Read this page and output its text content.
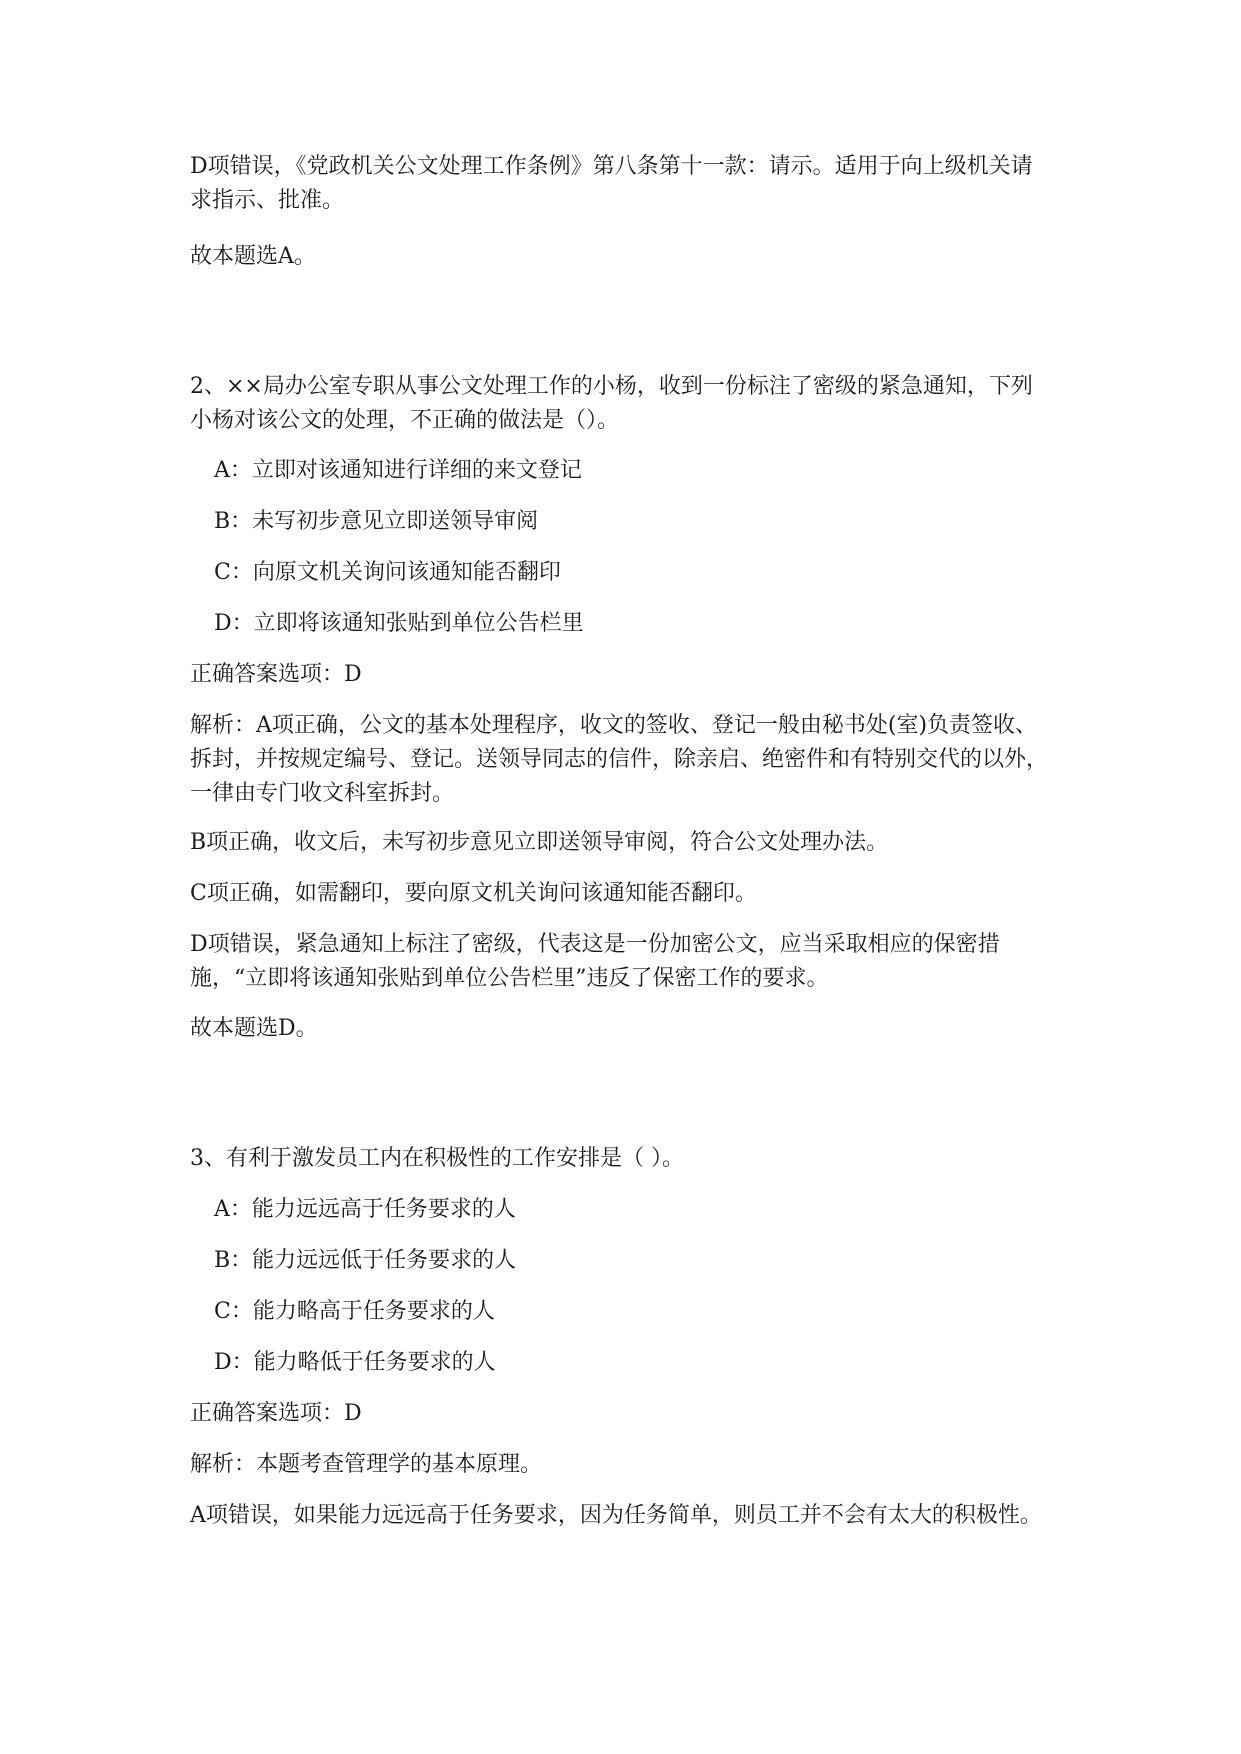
D项错误，《党政机关公文处理工作条例》第八条第十一款：请示。适用于向上级机关请求指示、批准。

故本题选A。

2、××局办公室专职从事公文处理工作的小杨，收到一份标注了密级的紧急通知，下列小杨对该公文的处理，不正确的做法是（）。

A：立即对该通知进行详细的来文登记

B：未写初步意见立即送领导审阅

C：向原文机关询问该通知能否翻印

D：立即将该通知张贴到单位公告栏里

正确答案选项：D

解析：A项正确，公文的基本处理程序，收文的签收、登记一般由秘书处(室)负责签收、拆封，并按规定编号、登记。送领导同志的信件，除亲启、绝密件和有特别交代的以外，一律由专门收文科室拆封。

B项正确，收文后，未写初步意见立即送领导审阅，符合公文处理办法。

C项正确，如需翻印，要向原文机关询问该通知能否翻印。

D项错误，紧急通知上标注了密级，代表这是一份加密公文，应当采取相应的保密措施，“立即将该通知张贴到单位公告栏里”违反了保密工作的要求。

故本题选D。

3、有利于激发员工内在积极性的工作安排是（ ）。

A：能力远远高于任务要求的人

B：能力远远低于任务要求的人

C：能力略高于任务要求的人

D：能力略低于任务要求的人

正确答案选项：D

解析：本题考查管理学的基本原理。

A项错误，如果能力远远高于任务要求，因为任务简单，则员工并不会有太大的积极性。
